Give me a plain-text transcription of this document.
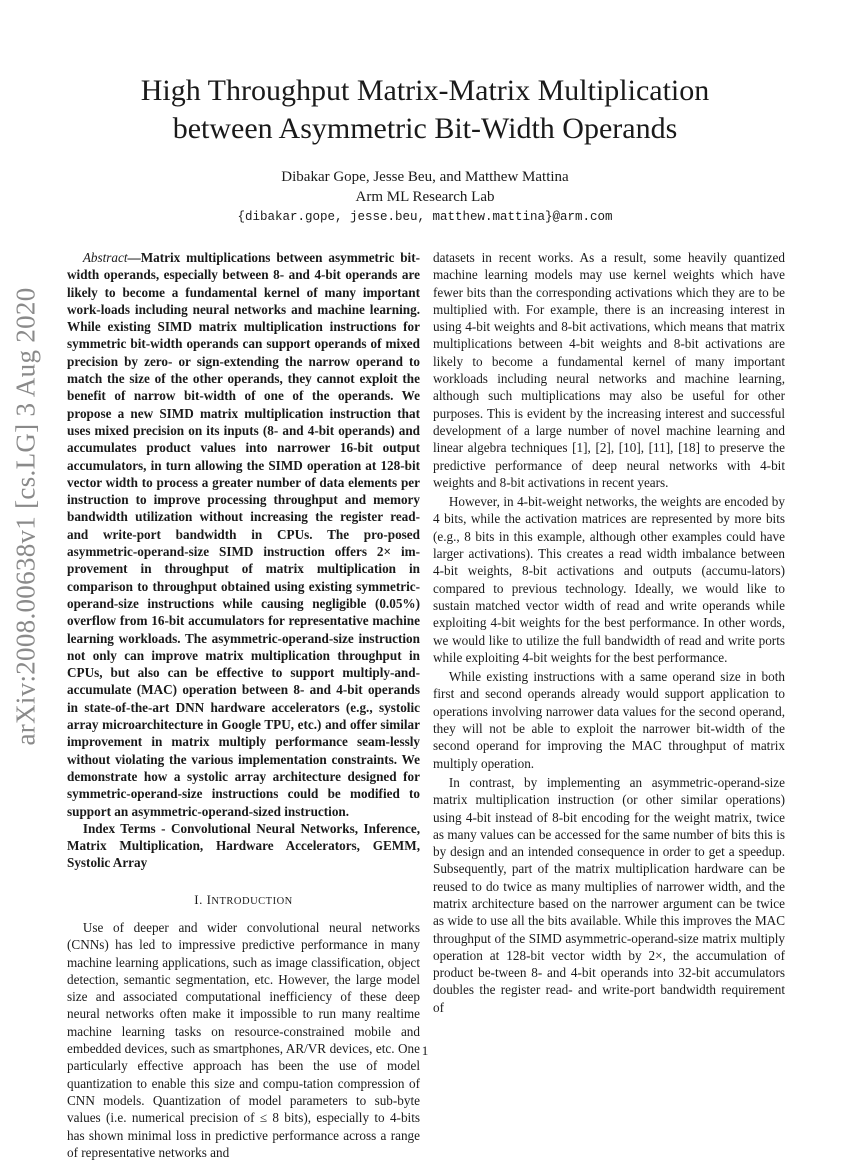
arXiv:2008.00638v1 [cs.LG] 3 Aug 2020
High Throughput Matrix-Matrix Multiplication
between Asymmetric Bit-Width Operands
Dibakar Gope, Jesse Beu, and Matthew Mattina
Arm ML Research Lab
{dibakar.gope, jesse.beu, matthew.mattina}@arm.com

Abstract—Matrix multiplications between asymmetric bit-width operands, especially between 8- and 4-bit operands are likely to become a fundamental kernel of many important work-loads including neural networks and machine learning. While existing SIMD matrix multiplication instructions for symmetric bit-width operands can support operands of mixed precision by zero- or sign-extending the narrow operand to match the size of the other operands, they cannot exploit the benefit of narrow bit-width of one of the operands. We propose a new SIMD matrix multiplication instruction that uses mixed precision on its inputs (8- and 4-bit operands) and accumulates product values into narrower 16-bit output accumulators, in turn allowing the SIMD operation at 128-bit vector width to process a greater number of data elements per instruction to improve processing throughput and memory bandwidth utilization without increasing the register read- and write-port bandwidth in CPUs. The pro-posed asymmetric-operand-size SIMD instruction offers 2× im-provement in throughput of matrix multiplication in comparison to throughput obtained using existing symmetric-operand-size instructions while causing negligible (0.05%) overflow from 16-bit accumulators for representative machine learning workloads. The asymmetric-operand-size instruction not only can improve matrix multiplication throughput in CPUs, but also can be effective to support multiply-and-accumulate (MAC) operation between 8- and 4-bit operands in state-of-the-art DNN hardware accelerators (e.g., systolic array microarchitecture in Google TPU, etc.) and offer similar improvement in matrix multiply performance seam-lessly without violating the various implementation constraints. We demonstrate how a systolic array architecture designed for symmetric-operand-size instructions could be modified to support an asymmetric-operand-sized instruction.

Index Terms - Convolutional Neural Networks, Inference, Matrix Multiplication, Hardware Accelerators, GEMM, Systolic Array

I. INTRODUCTION

Use of deeper and wider convolutional neural networks (CNNs) has led to impressive predictive performance in many machine learning applications, such as image classification, object detection, semantic segmentation, etc. However, the large model size and associated computational inefficiency of these deep neural networks often make it impossible to run many realtime machine learning tasks on resource-constrained mobile and embedded devices, such as smartphones, AR/VR devices, etc. One particularly effective approach has been the use of model quantization to enable this size and compu-tation compression of CNN models. Quantization of model parameters to sub-byte values (i.e. numerical precision of ≤ 8 bits), especially to 4-bits has shown minimal loss in predictive performance across a range of representative networks and

datasets in recent works. As a result, some heavily quantized machine learning models may use kernel weights which have fewer bits than the corresponding activations which they are to be multiplied with. For example, there is an increasing interest in using 4-bit weights and 8-bit activations, which means that matrix multiplications between 4-bit weights and 8-bit activations are likely to become a fundamental kernel of many important workloads including neural networks and machine learning, although such multiplications may also be useful for other purposes. This is evident by the increasing interest and successful development of a large number of novel machine learning and linear algebra techniques [1], [2], [10], [11], [18] to preserve the predictive performance of deep neural networks with 4-bit weights and 8-bit activations in recent years.

However, in 4-bit-weight networks, the weights are encoded by 4 bits, while the activation matrices are represented by more bits (e.g., 8 bits in this example, although other examples could have larger activations). This creates a read width imbalance between 4-bit weights, 8-bit activations and outputs (accumu-lators) compared to previous technology. Ideally, we would like to sustain matched vector width of read and write operands while exploiting 4-bit weights for the best performance. In other words, we would like to utilize the full bandwidth of read and write ports while exploiting 4-bit weights for the best performance.

While existing instructions with a same operand size in both first and second operands already would support application to operations involving narrower data values for the second operand, they will not be able to exploit the narrower bit-width of the second operand for improving the MAC throughput of matrix multiply operation.

In contrast, by implementing an asymmetric-operand-size matrix multiplication instruction (or other similar operations) using 4-bit instead of 8-bit encoding for the weight matrix, twice as many values can be accessed for the same number of bits this is by design and an intended consequence in order to get a speedup. Subsequently, part of the matrix multiplication hardware can be reused to do twice as many multiplies of narrower width, and the matrix architecture based on the narrower argument can be twice as wide to use all the bits available. While this improves the MAC throughput of the SIMD asymmetric-operand-size matrix multiply operation at 128-bit vector width by 2×, the accumulation of product be-tween 8- and 4-bit operands into 32-bit accumulators doubles the register read- and write-port bandwidth requirement of

1
